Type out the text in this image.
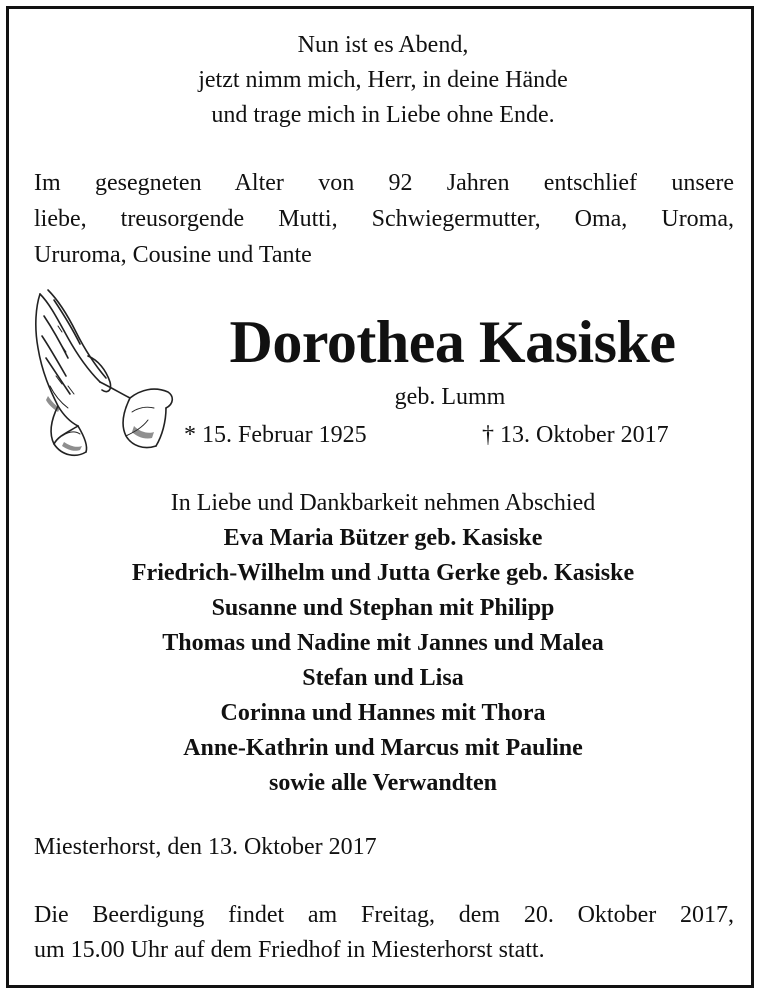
Nun ist es Abend,
jetzt nimm mich, Herr, in deine Hände
und trage mich in Liebe ohne Ende.
Im gesegneten Alter von 92 Jahren entschlief unsere
liebe, treusorgende Mutti, Schwiegermutter, Oma, Uroma,
Ururoma, Cousine und Tante
Dorothea Kasiske
geb. Lumm
* 15. Februar 1925	† 13. Oktober 2017
In Liebe und Dankbarkeit nehmen Abschied
Eva Maria Bützer geb. Kasiske
Friedrich-Wilhelm und Jutta Gerke geb. Kasiske
Susanne und Stephan mit Philipp
Thomas und Nadine mit Jannes und Malea
Stefan und Lisa
Corinna und Hannes mit Thora
Anne-Kathrin und Marcus mit Pauline
sowie alle Verwandten
Miesterhorst, den 13. Oktober 2017
Die Beerdigung findet am Freitag, dem 20. Oktober 2017,
um 15.00 Uhr auf dem Friedhof in Miesterhorst statt.
